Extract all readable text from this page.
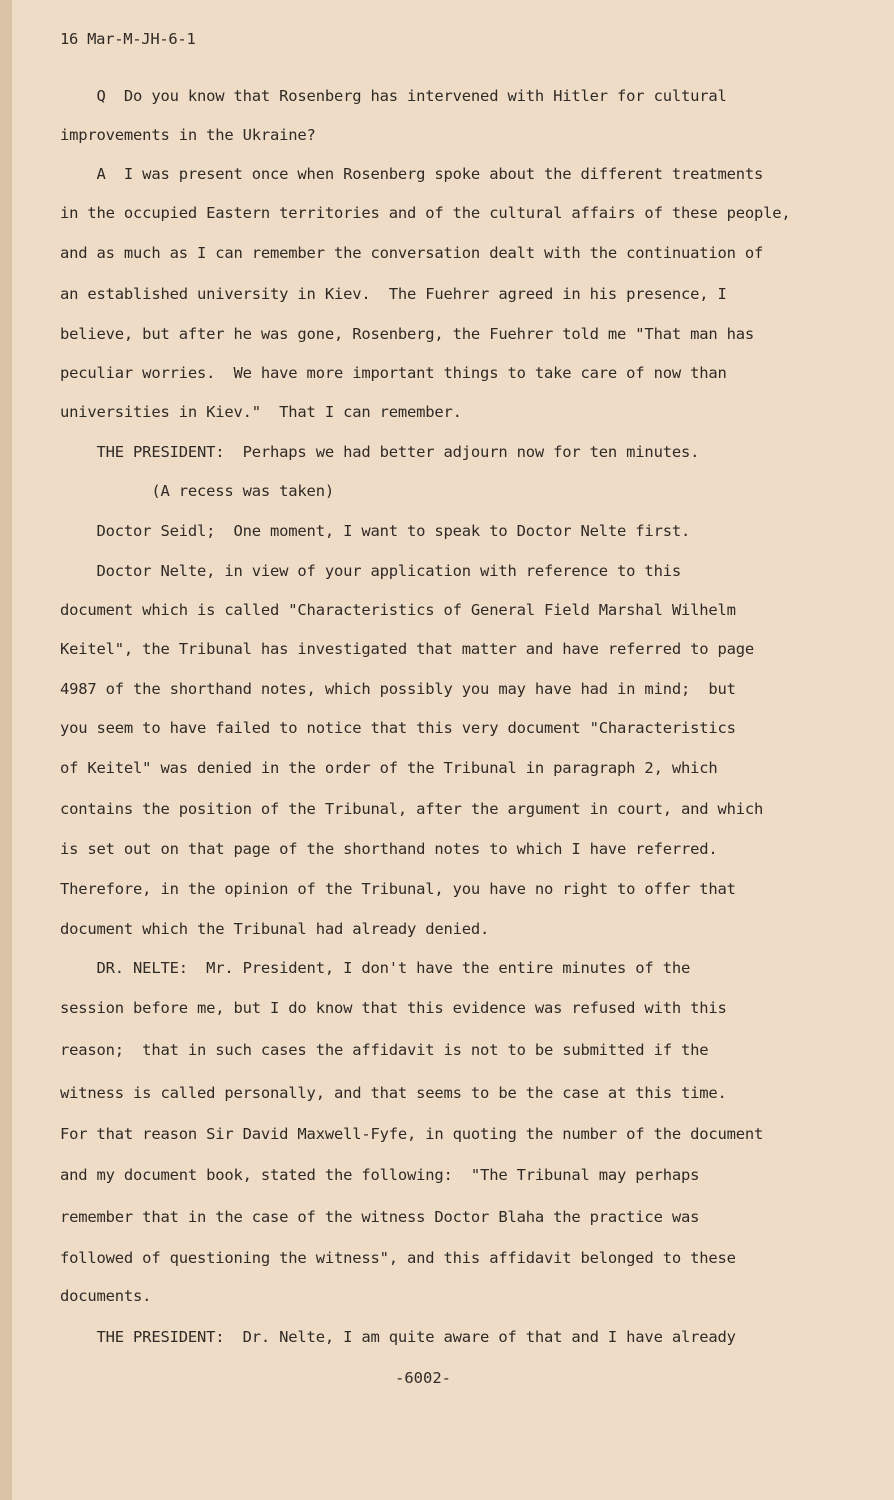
16 Mar-M-JH-6-1
Q  Do you know that Rosenberg has intervened with Hitler for cultural
improvements in the Ukraine?
A  I was present once when Rosenberg spoke about the different treatments
in the occupied Eastern territories and of the cultural affairs of these people,
and as much as I can remember the conversation dealt with the continuation of
an established university in Kiev.  The Fuehrer agreed in his presence, I
believe, but after he was gone, Rosenberg, the Fuehrer told me "That man has
peculiar worries.  We have more important things to take care of now than
universities in Kiev."  That I can remember.
THE PRESIDENT:  Perhaps we had better adjourn now for ten minutes.
(A recess was taken)
Doctor Seidl;  One moment, I want to speak to Doctor Nelte first.
Doctor Nelte, in view of your application with reference to this
document which is called "Characteristics of General Field Marshal Wilhelm
Keitel", the Tribunal has investigated that matter and have referred to page
4987 of the shorthand notes, which possibly you may have had in mind;  but
you seem to have failed to notice that this very document "Characteristics
of Keitel" was denied in the order of the Tribunal in paragraph 2, which
contains the position of the Tribunal, after the argument in court, and which
is set out on that page of the shorthand notes to which I have referred.
Therefore, in the opinion of the Tribunal, you have no right to offer that
document which the Tribunal had already denied.
DR. NELTE:  Mr. President, I don't have the entire minutes of the
session before me, but I do know that this evidence was refused with this
reason;  that in such cases the affidavit is not to be submitted if the
witness is called personally, and that seems to be the case at this time.
For that reason Sir David Maxwell-Fyfe, in quoting the number of the document
and my document book, stated the following:  "The Tribunal may perhaps
remember that in the case of the witness Doctor Blaha the practice was
followed of questioning the witness", and this affidavit belonged to these
documents.
THE PRESIDENT:  Dr. Nelte, I am quite aware of that and I have already
-6002-
